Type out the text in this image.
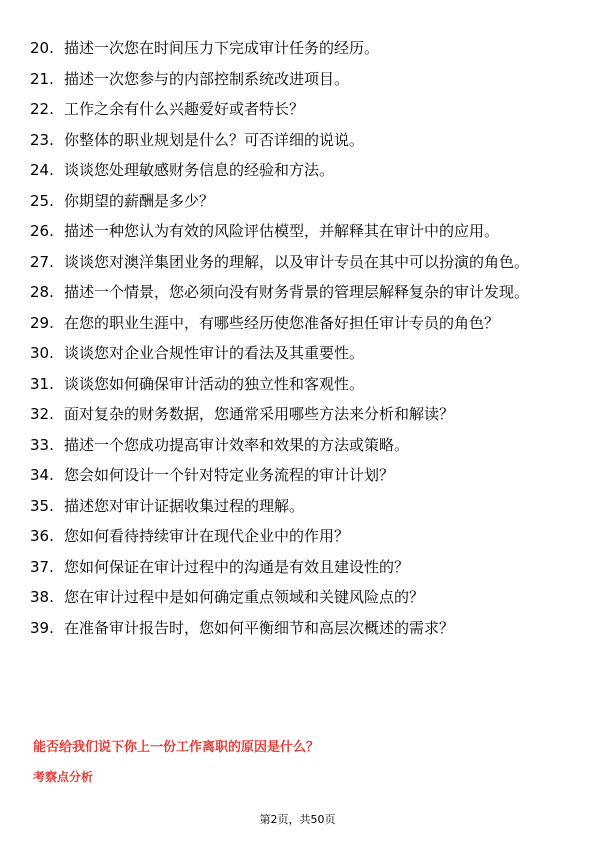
20. 描述一次您在时间压力下完成审计任务的经历。
21. 描述一次您参与的内部控制系统改进项目。
22. 工作之余有什么兴趣爱好或者特长？
23. 你整体的职业规划是什么？可否详细的说说。
24. 谈谈您处理敏感财务信息的经验和方法。
25. 你期望的薪酬是多少？
26. 描述一种您认为有效的风险评估模型，并解释其在审计中的应用。
27. 谈谈您对澳洋集团业务的理解，以及审计专员在其中可以扮演的角色。
28. 描述一个情景，您必须向没有财务背景的管理层解释复杂的审计发现。
29. 在您的职业生涯中，有哪些经历使您准备好担任审计专员的角色？
30. 谈谈您对企业合规性审计的看法及其重要性。
31. 谈谈您如何确保审计活动的独立性和客观性。
32. 面对复杂的财务数据，您通常采用哪些方法来分析和解读？
33. 描述一个您成功提高审计效率和效果的方法或策略。
34. 您会如何设计一个针对特定业务流程的审计计划？
35. 描述您对审计证据收集过程的理解。
36. 您如何看待持续审计在现代企业中的作用？
37. 您如何保证在审计过程中的沟通是有效且建设性的？
38. 您在审计过程中是如何确定重点领域和关键风险点的？
39. 在准备审计报告时，您如何平衡细节和高层次概述的需求？
能否给我们说下你上一份工作离职的原因是什么？
考察点分析
第2页，共50页
